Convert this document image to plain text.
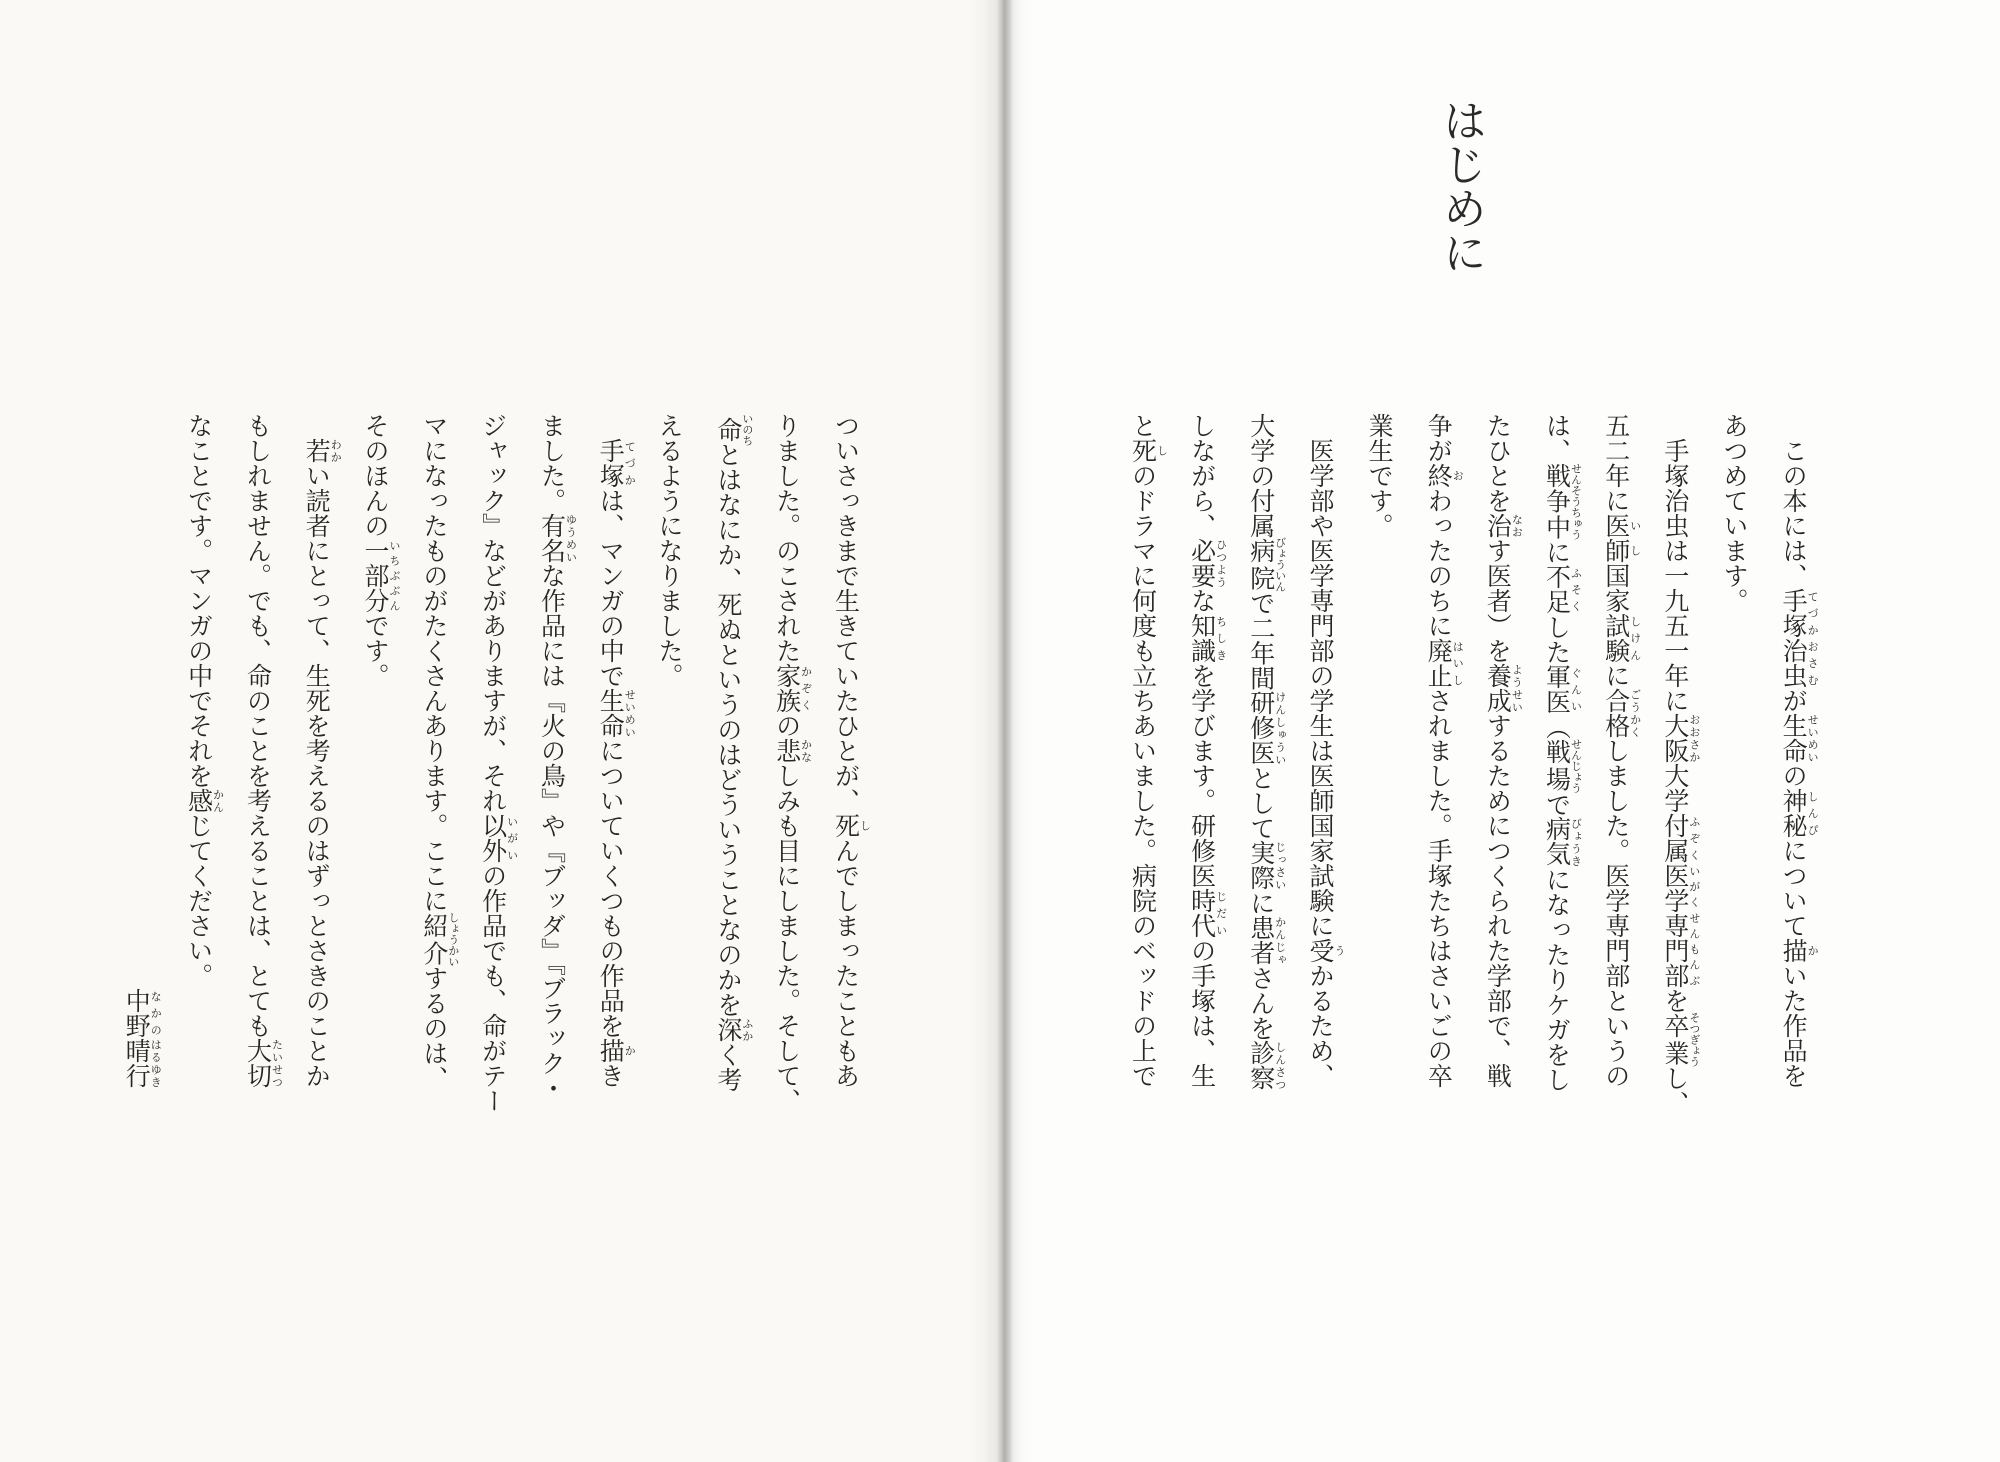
中野なかの晴行はるゆき
ついさっきまで生きていたひとが、死しんでしまったこともあ
りました。のこされた家族かぞくの悲かなしみも目にしました。そして、
命いのちとはなにか、死ぬというのはどういうことなのかを深ふかく考
えるようになりました。
手塚てづかは、マンガの中で生命せいめいについていくつもの作品を描かき
ました。有名ゆうめいな作品には『火の鳥』や『ブッダ』『ブラック・
ジャック』などがありますが、それ以外いがいの作品でも、命がテー
マになったものがたくさんあります。ここに紹介しょうかいするのは、
そのほんの一部分いちぶぶんです。
若わかい読者にとって、生死を考えるのはずっとさきのことか
もしれません。でも、命のことを考えることは、とても大切たいせつ
なことです。マンガの中でそれを感かんじてください。
はじめに
この本には、手塚治虫てづかおさむが生命せいめいの神秘しんぴについて描かいた作品を
あつめています。
手塚治虫は一九五一年に大阪おおさか大学付属ふぞく医学専門部いがくせんもんぶを卒業そつぎょうし、
五二年に医師いし国家試験しけんに合格ごうかくしました。医学専門部というの
は、戦争中せんそうちゅうに不足ふそくした軍医ぐんい（戦場せんじょうで病気びょうきになったりケガをし
たひとを治なおす医者）を養成ようせいするためにつくられた学部で、戦
争が終おわったのちに廃止はいしされました。手塚たちはさいごの卒
業生です。
医学部や医学専門部の学生は医師国家試験に受うかるため、
大学の付属病院びょういんで二年間研修医けんしゅういとして実際じっさいに患者かんじゃさんを診察しんさつ
しながら、必要ひつような知識ちしきを学びます。研修医時代じだいの手塚は、生
と死しのドラマに何度も立ちあいました。病院のベッドの上で
